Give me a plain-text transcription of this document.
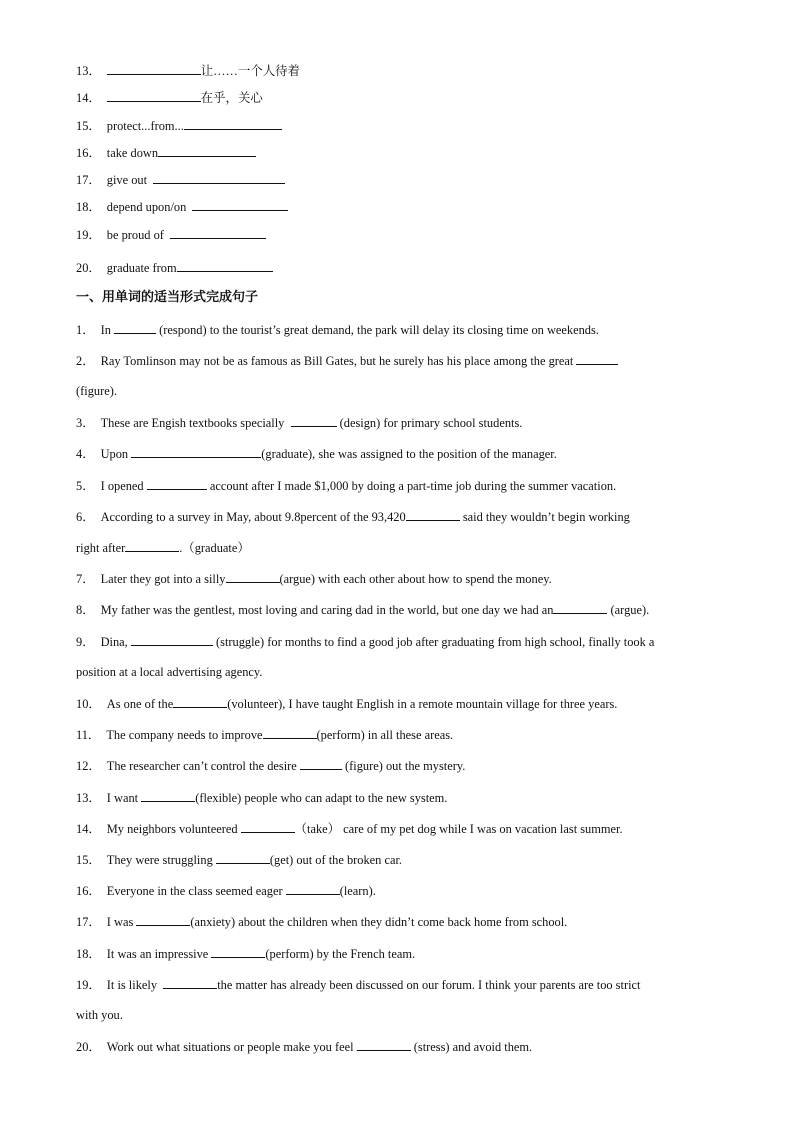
13．	让……一个人待着
14．	在乎，关心
15． protect...from...
16． take down
17． give out
18． depend upon/on
19． be proud of
20． graduate from
一、用单词的适当形式完成句子
1． In	(respond) to the tourist’s great demand, the park will delay its closing time on weekends.
2． Ray Tomlinson may not be as famous as Bill Gates, but he surely has his place among the great
(figure).
3． These are Engish textbooks specially	(design) for primary school students.
4． Upon	(graduate), she was assigned to the position of the manager.
5． I opened	account after I made $1,000 by doing a part-time job during the summer vacation.
6． According to a survey in May, about 9.8percent of the 93,420	said they wouldn’t begin working
right after	.（graduate）
7． Later they got into a silly	(argue) with each other about how to spend the money.
8． My father was the gentlest, most loving and caring dad in the world, but one day we had an	(argue).
9． Dina,	(struggle) for months to find a good job after graduating from high school, finally took a
position at a local advertising agency.
10． As one of the	(volunteer), I have taught English in a remote mountain village for three years.
11． The company needs to improve	(perform) in all these areas.
12． The researcher can’t control the desire	(figure) out the mystery.
13． I want	(flexible) people who can adapt to the new system.
14． My neighbors volunteered	（take） care of my pet dog while I was on vacation last summer.
15． They were struggling	(get) out of the broken car.
16． Everyone in the class seemed eager	(learn).
17． I was	(anxiety) about the children when they didn’t come back home from school.
18． It was an impressive	(perform) by the French team.
19． It is likely	the matter has already been discussed on our forum. I think your parents are too strict
with you.
20． Work out what situations or people make you feel	(stress) and avoid them.
